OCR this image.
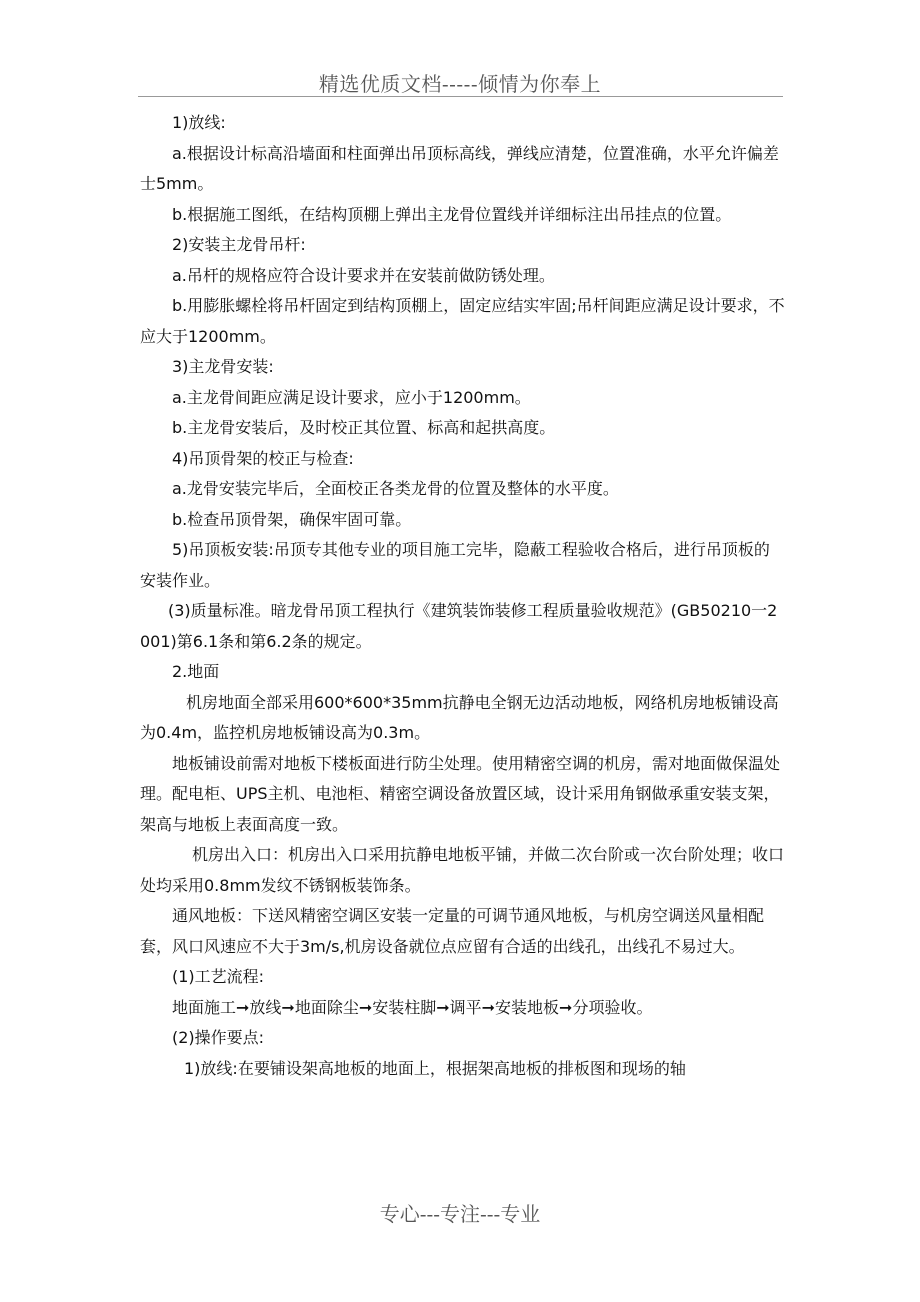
精选优质文档-----倾情为你奉上

1)放线:

a.根据设计标高沿墙面和柱面弹出吊顶标高线，弹线应清楚，位置准确，水平允许偏差士5mm。

b.根据施工图纸，在结构顶棚上弹出主龙骨位置线并详细标注出吊挂点的位置。

2)安装主龙骨吊杆:

a.吊杆的规格应符合设计要求并在安装前做防锈处理。

b.用膨胀螺栓将吊杆固定到结构顶棚上，固定应结实牢固;吊杆间距应满足设计要求，不应大于1200mm。

3)主龙骨安装:

a.主龙骨间距应满足设计要求，应小于1200mm。

b.主龙骨安装后，及时校正其位置、标高和起拱高度。

4)吊顶骨架的校正与检查:

a.龙骨安装完毕后，全面校正各类龙骨的位置及整体的水平度。

b.检查吊顶骨架，确保牢固可靠。

5)吊顶板安装:吊顶专其他专业的项目施工完毕，隐蔽工程验收合格后，进行吊顶板的安装作业。

(3)质量标准。暗龙骨吊顶工程执行《建筑装饰装修工程质量验收规范》(GB50210一2001)第6.1条和第6.2条的规定。

2.地面

机房地面全部采用600*600*35mm抗静电全钢无边活动地板，网络机房地板铺设高为0.4m，监控机房地板铺设高为0.3m。

地板铺设前需对地板下楼板面进行防尘处理。使用精密空调的机房，需对地面做保温处理。配电柜、UPS主机、电池柜、精密空调设备放置区域，设计采用角钢做承重安装支架，架高与地板上表面高度一致。

机房出入口：机房出入口采用抗静电地板平铺，并做二次台阶或一次台阶处理；收口处均采用0.8mm发纹不锈钢板装饰条。

通风地板：下送风精密空调区安装一定量的可调节通风地板，与机房空调送风量相配套，风口风速应不大于3m/s,机房设备就位点应留有合适的出线孔，出线孔不易过大。

(1)工艺流程:

地面施工➞放线➞地面除尘➞安装柱脚➞调平➞安装地板➞分项验收。

(2)操作要点:

1)放线:在要铺设架高地板的地面上，根据架高地板的排板图和现场的轴

专心---专注---专业
